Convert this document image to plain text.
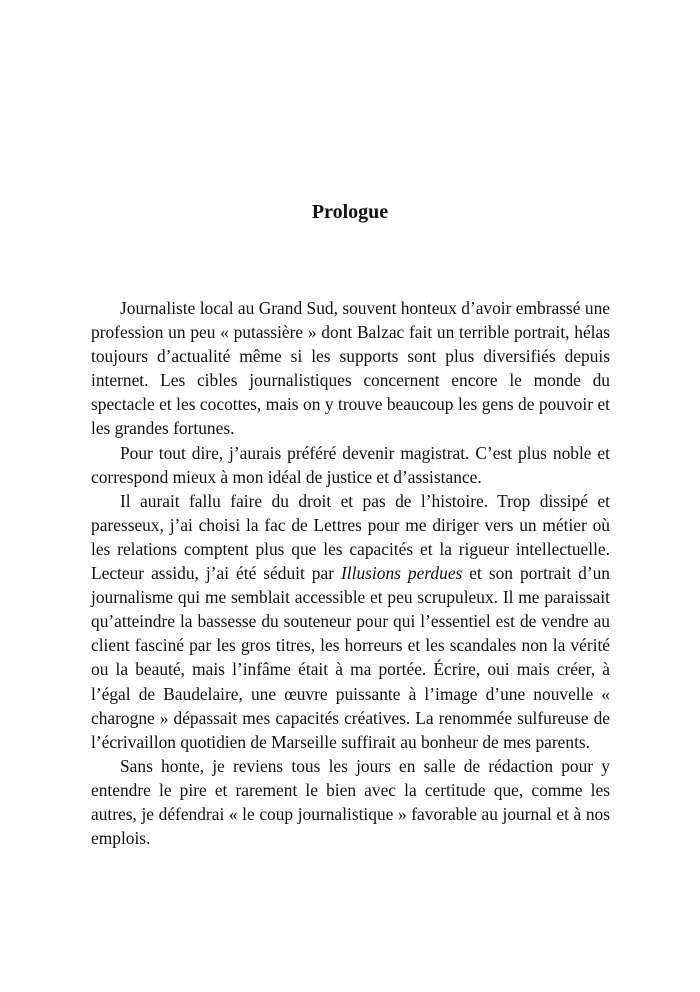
Prologue

Journaliste local au Grand Sud, souvent honteux d’avoir embrassé une profession un peu « putassière » dont Balzac fait un terrible portrait, hélas toujours d’actualité même si les supports sont plus diversifiés depuis internet. Les cibles journalistiques concernent encore le monde du spectacle et les cocottes, mais on y trouve beaucoup les gens de pouvoir et les grandes fortunes.

Pour tout dire, j’aurais préféré devenir magistrat. C’est plus noble et correspond mieux à mon idéal de justice et d’assistance.

Il aurait fallu faire du droit et pas de l’histoire. Trop dissipé et paresseux, j’ai choisi la fac de Lettres pour me diriger vers un métier où les relations comptent plus que les capacités et la rigueur intellectuelle. Lecteur assidu, j’ai été séduit par Illusions perdues et son portrait d’un journalisme qui me semblait accessible et peu scrupuleux. Il me paraissait qu’atteindre la bassesse du souteneur pour qui l’essentiel est de vendre au client fasciné par les gros titres, les horreurs et les scandales non la vérité ou la beauté, mais l’infâme était à ma portée. Écrire, oui mais créer, à l’égal de Baudelaire, une œuvre puissante à l’image d’une nouvelle « charogne » dépassait mes capacités créatives. La renommée sulfureuse de l’écrivaillon quotidien de Marseille suffirait au bonheur de mes parents.

Sans honte, je reviens tous les jours en salle de rédaction pour y entendre le pire et rarement le bien avec la certitude que, comme les autres, je défendrai « le coup journalistique » favorable au journal et à nos emplois.
